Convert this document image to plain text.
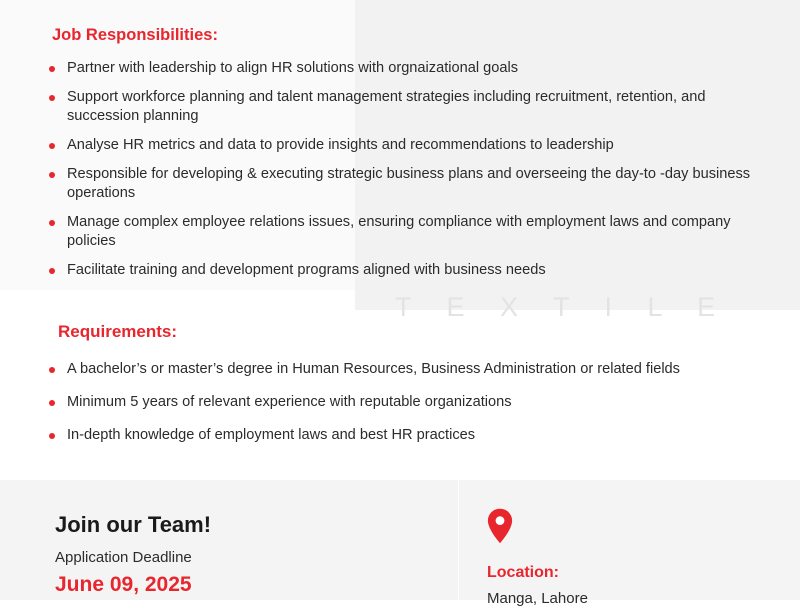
T E X T I L E
Job Responsibilities:
Partner with leadership to align HR solutions with orgnaizational goals
Support workforce planning and talent management strategies including recruitment, retention, and succession planning
Analyse HR metrics and data to provide insights and recommendations to leadership
Responsible for developing & executing strategic business plans and overseeing the day-to -day business operations
Manage complex employee relations issues, ensuring compliance with employment laws and company policies
Facilitate training and development programs aligned with business needs
Requirements:
A bachelor’s or master’s degree in Human Resources, Business Administration or related fields
Minimum 5 years of relevant experience with reputable organizations
In-depth knowledge of employment laws and best HR practices
Join our Team!
Application Deadline
June 09, 2025
Location:
Manga, Lahore
